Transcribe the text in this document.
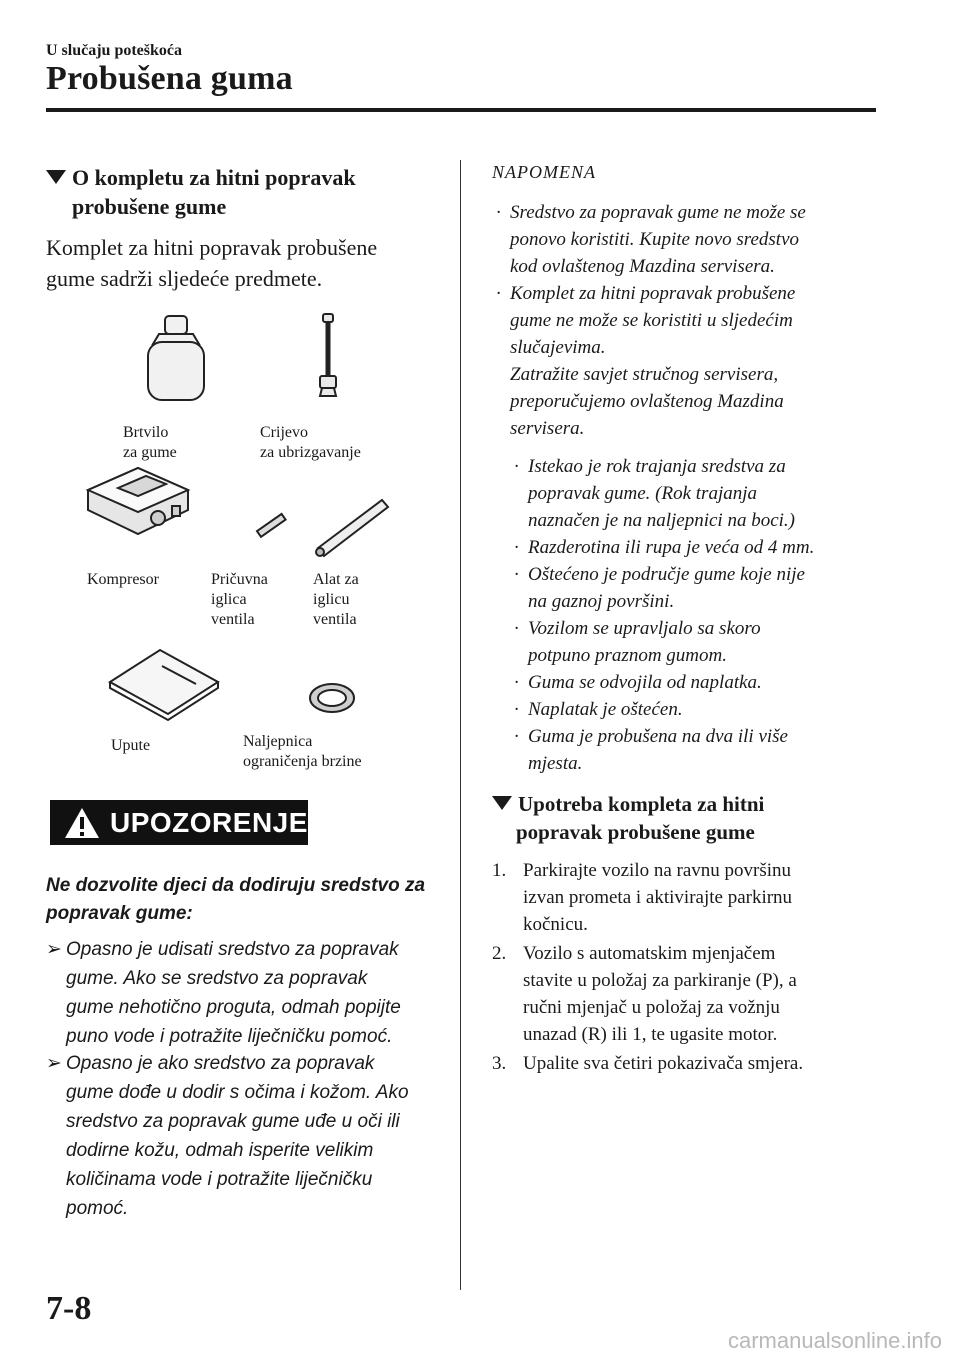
U slučaju poteškoća
Probušena guma
O kompletu za hitni popravak
probušene gume
Komplet za hitni popravak probušene
gume sadrži sljedeće predmete.
Brtvilo
za gume
Crijevo
za ubrizgavanje
Kompresor	Pričuvna
iglica
ventila
Alat za
iglicu
ventila
Upute	Naljepnica
ograničenja brzine
UPOZORENJE
Ne dozvolite djeci da dodiruju sredstvo za
popravak gume:
➢ Opasno je udisati sredstvo za popravak
gume. Ako se sredstvo za popravak
gume nehotično proguta, odmah popijte
puno vode i potražite liječničku pomoć.
➢ Opasno je ako sredstvo za popravak
gume dođe u dodir s očima i kožom. Ako
sredstvo za popravak gume uđe u oči ili
dodirne kožu, odmah isperite velikim
količinama vode i potražite liječničku
pomoć.
NAPOMENA
· Sredstvo za popravak gume ne može se
ponovo koristiti. Kupite novo sredstvo
kod ovlaštenog Mazdina servisera.
· Komplet za hitni popravak probušene
gume ne može se koristiti u sljedećim
slučajevima.
Zatražite savjet stručnog servisera,
preporučujemo ovlaštenog Mazdina
servisera.
· Istekao je rok trajanja sredstva za
popravak gume. (Rok trajanja
naznačen je na naljepnici na boci.)
· Razderotina ili rupa je veća od 4 mm.
· Oštećeno je područje gume koje nije
na gaznoj površini.
· Vozilom se upravljalo sa skoro
potpuno praznom gumom.
· Guma se odvojila od naplatka.
· Naplatak je oštećen.
· Guma je probušena na dva ili više
mjesta.
Upotreba kompleta za hitni
popravak probušene gume
1. Parkirajte vozilo na ravnu površinu
izvan prometa i aktivirajte parkirnu
kočnicu.
2. Vozilo s automatskim mjenjačem
stavite u položaj za parkiranje (P), a
ručni mjenjač u položaj za vožnju
unazad (R) ili 1, te ugasite motor.
3. Upalite sva četiri pokazivača smjera.
7-8
carmanualsonline.info
